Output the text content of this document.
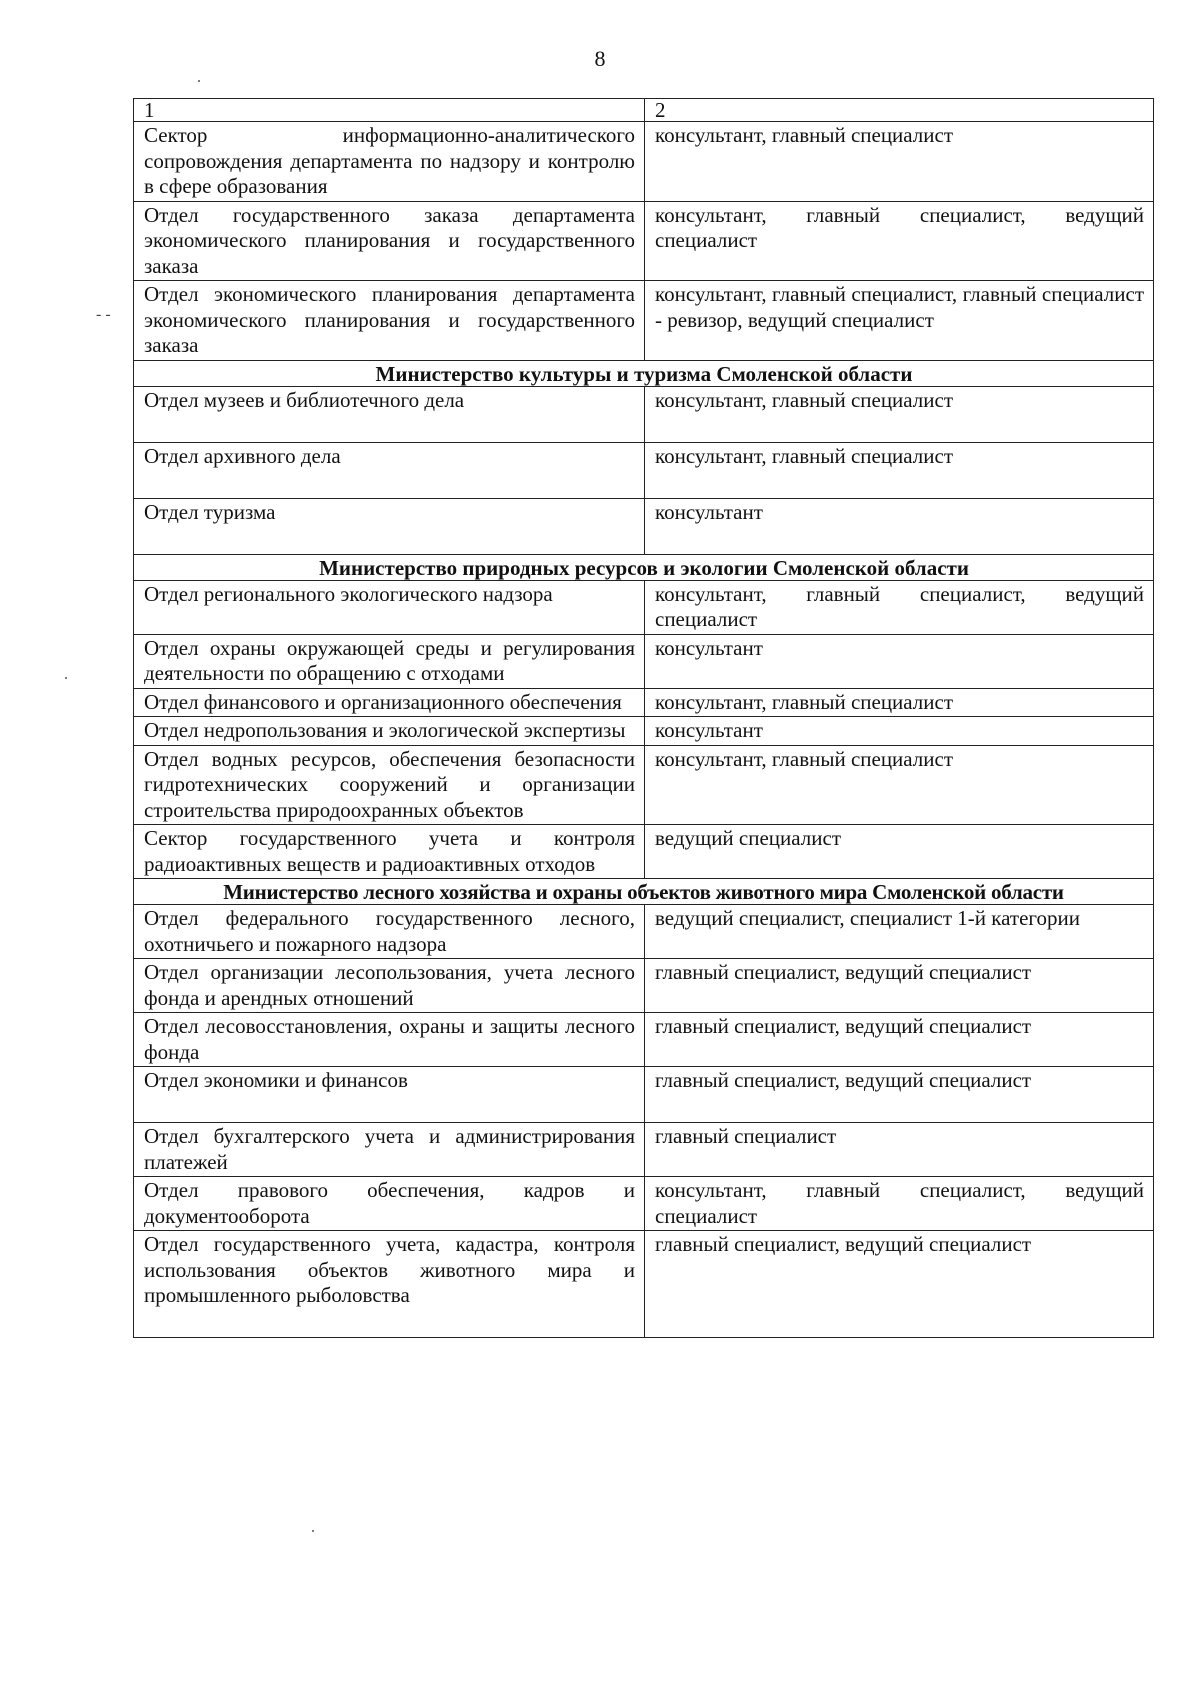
8
- -
1	2
Сектор информационно-аналитического сопровождения департамента по надзору и контролю в сфере образования	консультант, главный специалист
Отдел государственного заказа департамента экономического планирования и государственного заказа	консультант, главный специалист, ведущий специалист
Отдел экономического планирования департамента экономического планирования и государственного заказа	консультант, главный специалист, главный специалист - ревизор, ведущий специалист
Министерство культуры и туризма Смоленской области	
Отдел музеев и библиотечного дела	консультант, главный специалист
Отдел архивного дела	консультант, главный специалист
Отдел туризма	консультант
Министерство природных ресурсов и экологии Смоленской области	
Отдел регионального экологического надзора	консультант, главный специалист, ведущий специалист
Отдел охраны окружающей среды и регулирования деятельности по обращению с отходами	консультант
Отдел финансового и организационного обеспечения	консультант, главный специалист
Отдел недропользования и экологической экспертизы	консультант
Отдел водных ресурсов, обеспечения безопасности гидротехнических сооружений и организации строительства природоохранных объектов	консультант, главный специалист
Сектор государственного учета и контроля радиоактивных веществ и радиоактивных отходов	ведущий специалист
Министерство лесного хозяйства и охраны объектов животного мира Смоленской области	
Отдел федерального государственного лесного, охотничьего и пожарного надзора	ведущий специалист, специалист 1-й категории
Отдел организации лесопользования, учета лесного фонда и арендных отношений	главный специалист, ведущий специалист
Отдел лесовосстановления, охраны и защиты лесного фонда	главный специалист, ведущий специалист
Отдел экономики и финансов	главный специалист, ведущий специалист
Отдел бухгалтерского учета и администрирования платежей	главный специалист
Отдел правового обеспечения, кадров и документооборота	консультант, главный специалист, ведущий специалист
Отдел государственного учета, кадастра, контроля использования объектов животного мира и промышленного рыболовства	главный специалист, ведущий специалист
